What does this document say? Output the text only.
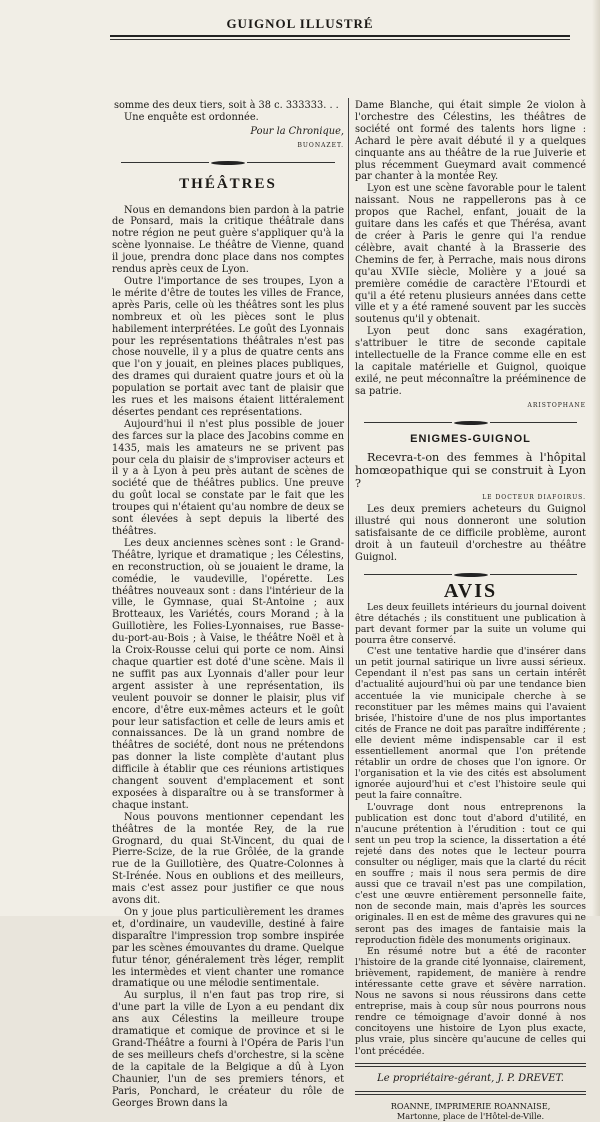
GUIGNOL ILLUSTRÉ

somme des deux tiers, soit à 38 c. 333333. . .

Une enquête est ordonnée.

Pour la Chronique,
BUONAZET.
THÉÂTRES

Nous en demandons bien pardon à la patrie de Ponsard, mais la critique théâtrale dans notre région ne peut guère s'appliquer qu'à la scène lyonnaise. Le théâtre de Vienne, quand il joue, prendra donc place dans nos comptes rendus après ceux de Lyon.

Outre l'importance de ses troupes, Lyon a le mérite d'être de toutes les villes de France, après Paris, celle où les théâtres sont les plus nombreux et où les pièces sont le plus habilement interprétées. Le goût des Lyonnais pour les représentations théâtrales n'est pas chose nouvelle, il y a plus de quatre cents ans que l'on y jouait, en pleines places publiques, des drames qui duraient quatre jours et où la population se portait avec tant de plaisir que les rues et les maisons étaient littéralement désertes pendant ces représentations.

Aujourd'hui il n'est plus possible de jouer des farces sur la place des Jacobins comme en 1435, mais les amateurs ne se privent pas pour cela du plaisir de s'improviser acteurs et il y a à Lyon à peu près autant de scènes de société que de théâtres publics. Une preuve du goût local se constate par le fait que les troupes qui n'étaient qu'au nombre de deux se sont élevées à sept depuis la liberté des théâtres.

Les deux anciennes scènes sont : le Grand-Théâtre, lyrique et dramatique ; les Célestins, en reconstruction, où se jouaient le drame, la comédie, le vaudeville, l'opérette. Les théâtres nouveaux sont : dans l'intérieur de la ville, le Gymnase, quai St-Antoine ; aux Brotteaux, les Variétés, cours Morand ; à la Guillotière, les Folies-Lyonnaises, rue Basse-du-port-au-Bois ; à Vaise, le théâtre Noël et à la Croix-Rousse celui qui porte ce nom. Ainsi chaque quartier est doté d'une scène. Mais il ne suffit pas aux Lyonnais d'aller pour leur argent assister à une représentation, ils veulent pouvoir se donner le plaisir, plus vif encore, d'être eux-mêmes acteurs et le goût pour leur satisfaction et celle de leurs amis et connaissances. De là un grand nombre de théâtres de société, dont nous ne prétendons pas donner la liste complète d'autant plus difficile à établir que ces réunions artistiques changent souvent d'emplacement et sont exposées à disparaître ou à se transformer à chaque instant.

Nous pouvons mentionner cependant les théâtres de la montée Rey, de la rue Grognard, du quai St-Vincent, du quai de Pierre-Scize, de la rue Grôlée, de la grande rue de la Guillotière, des Quatre-Colonnes à St-Irénée. Nous en oublions et des meilleurs, mais c'est assez pour justifier ce que nous avons dit.

On y joue plus particulièrement les drames et, d'ordinaire, un vaudeville, destiné à faire disparaître l'impression trop sombre inspirée par les scènes émouvantes du drame. Quelque futur ténor, généralement très léger, remplit les intermèdes et vient chanter une romance dramatique ou une mélodie sentimentale.

Au surplus, il n'en faut pas trop rire, si d'une part la ville de Lyon a eu pendant dix ans aux Célestins la meilleure troupe dramatique et comique de province et si le Grand-Théâtre a fourni à l'Opéra de Paris l'un de ses meilleurs chefs d'orchestre, si la scène de la capitale de la Belgique a dû à Lyon Chaunier, l'un de ses premiers ténors, et Paris, Ponchard, le créateur du rôle de Georges Brown dans la

Dame Blanche, qui était simple 2e violon à l'orchestre des Célestins, les théâtres de société ont formé des talents hors ligne : Achard le père avait débuté il y a quelques cinquante ans au théâtre de la rue Juiverie et plus récemment Gueymard avait commencé par chanter à la montée Rey.

Lyon est une scène favorable pour le talent naissant. Nous ne rappellerons pas à ce propos que Rachel, enfant, jouait de la guitare dans les cafés et que Thérésa, avant de créer à Paris le genre qui l'a rendue célèbre, avait chanté à la Brasserie des Chemins de fer, à Perrache, mais nous dirons qu'au XVIIe siècle, Molière y a joué sa première comédie de caractère l'Etourdi et qu'il a été retenu plusieurs années dans cette ville et y a été ramené souvent par les succès soutenus qu'il y obtenait.

Lyon peut donc sans exagération, s'attribuer le titre de seconde capitale intellectuelle de la France comme elle en est la capitale matérielle et Guignol, quoique exilé, ne peut méconnaître la prééminence de sa patrie.

ARISTOPHANE
ENIGMES-GUIGNOL

Recevra-t-on des femmes à l'hôpital homœopathique qui se construit à Lyon ?

LE DOCTEUR DIAFOIRUS.

Les deux premiers acheteurs du Guignol illustré qui nous donneront une solution satisfaisante de ce difficile problème, auront droit à un fauteuil d'orchestre au théâtre Guignol.

AVIS

Les deux feuillets intérieurs du journal doivent être détachés ; ils constituent une publication à part devant former par la suite un volume qui pourra être conservé.

C'est une tentative hardie que d'insérer dans un petit journal satirique un livre aussi sérieux. Cependant il n'est pas sans un certain intérêt d'actualité aujourd'hui où par une tendance bien accentuée la vie municipale cherche à se reconstituer par les mêmes mains qui l'avaient brisée, l'histoire d'une de nos plus importantes cités de France ne doit pas paraître indifférente ; elle devient même indispensable car il est essentiellement anormal que l'on prétende rétablir un ordre de choses que l'on ignore. Or l'organisation et la vie des cités est absolument ignorée aujourd'hui et c'est l'histoire seule qui peut la faire connaître.

L'ouvrage dont nous entreprenons la publication est donc tout d'abord d'utilité, en n'aucune prétention à l'érudition : tout ce qui sent un peu trop la science, la dissertation a été rejeté dans des notes que le lecteur pourra consulter ou négliger, mais que la clarté du récit en souffre ; mais il nous sera permis de dire aussi que ce travail n'est pas une compilation, c'est une œuvre entièrement personnelle faite, non de seconde main, mais d'après les sources originales. Il en est de même des gravures qui ne seront pas des images de fantaisie mais la reproduction fidèle des monuments originaux.

En résumé notre but a été de raconter l'histoire de la grande cité lyonnaise, clairement, brièvement, rapidement, de manière à rendre intéressante cette grave et sévère narration. Nous ne savons si nous réussirons dans cette entreprise, mais à coup sûr nous pourrons nous rendre ce témoignage d'avoir donné à nos concitoyens une histoire de Lyon plus exacte, plus vraie, plus sincère qu'aucune de celles qui l'ont précédée.

Le propriétaire-gérant, J. P. DREVET.
ROANNE, IMPRIMERIE ROANNAISE,
Martonne, place de l'Hôtel-de-Ville.
